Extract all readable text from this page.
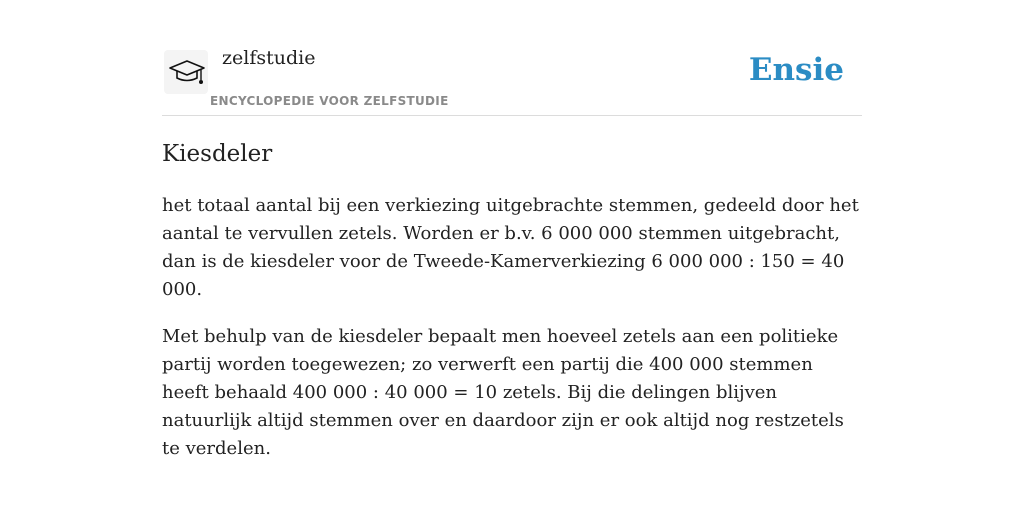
zelfstudie
ENCYCLOPEDIE VOOR ZELFSTUDIE
Ensie
Kiesdeler

het totaal aantal bij een verkiezing uitgebrachte stemmen, gedeeld door het aantal te vervullen zetels. Worden er b.v. 6 000 000 stemmen uitgebracht, dan is de kiesdeler voor de Tweede-Kamerverkiezing 6 000 000 : 150 = 40 000.

Met behulp van de kiesdeler bepaalt men hoeveel zetels aan een politieke partij worden toegewezen; zo verwerft een partij die 400 000 stemmen heeft behaald 400 000 : 40 000 = 10 zetels. Bij die delingen blijven natuurlijk altijd stemmen over en daardoor zijn er ook altijd nog restzetels te verdelen.
